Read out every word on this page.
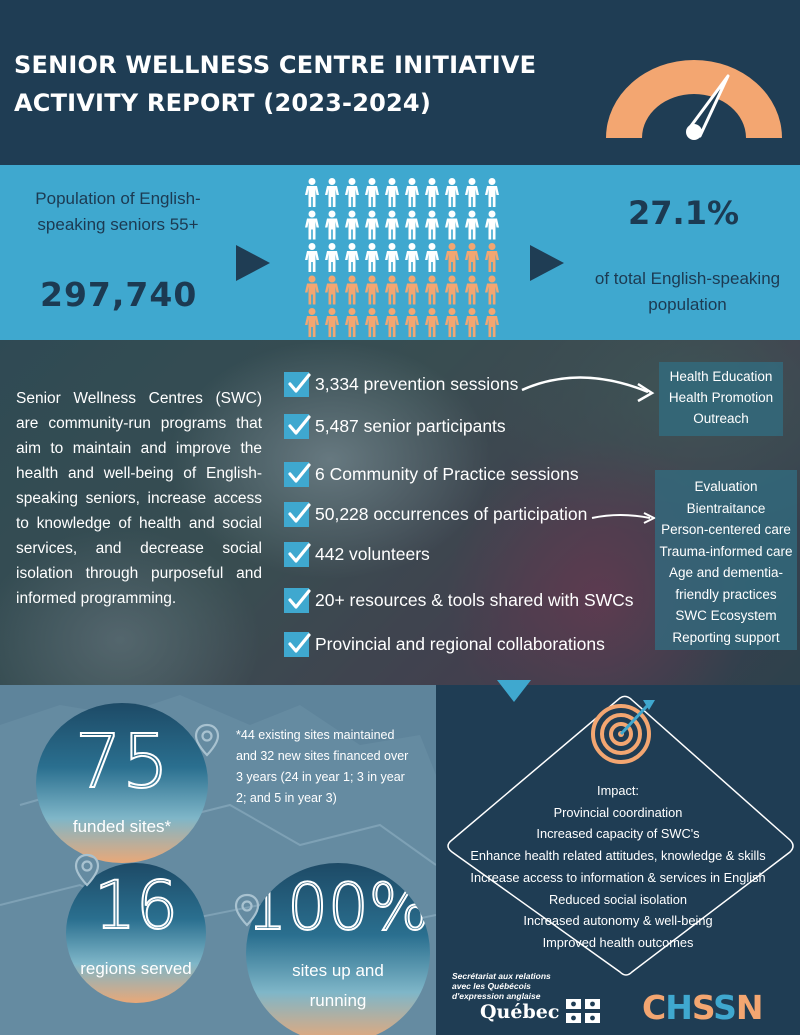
SENIOR WELLNESS CENTRE INITIATIVE
ACTIVITY REPORT (2023-2024)
Population of English-speaking seniors 55+
297,740
27.1%
of total English-speaking population
Senior Wellness Centres (SWC) are community-run programs that aim to maintain and improve the health and well-being of English-speaking seniors, increase access to knowledge of health and social services, and decrease social isolation through purposeful and informed programming.
3,334 prevention sessions
5,487 senior participants
6 Community of Practice sessions
50,228 occurrences of participation
442 volunteers
20+ resources & tools shared with SWCs
Provincial and regional collaborations
Health Education
Health Promotion
Outreach
Evaluation
Bientraitance
Person-centered care
Trauma-informed care
Age and dementia-
friendly practices
SWC Ecosystem
Reporting support
75
funded sites*
*44 existing sites maintained and 32 new sites financed over 3 years (24 in year 1; 3 in year 2; and 5 in year 3)
16
regions served
100%
sites up and
running
Impact:
Provincial coordination
Increased capacity of SWC's
Enhance health related attitudes, knowledge & skills
Increase access to information & services in English
Reduced social isolation
Increased autonomy & well-being
Improved health outcomes
Secrétariat aux relations
avec les Québécois
d'expression anglaise
Québec	CHSSN
